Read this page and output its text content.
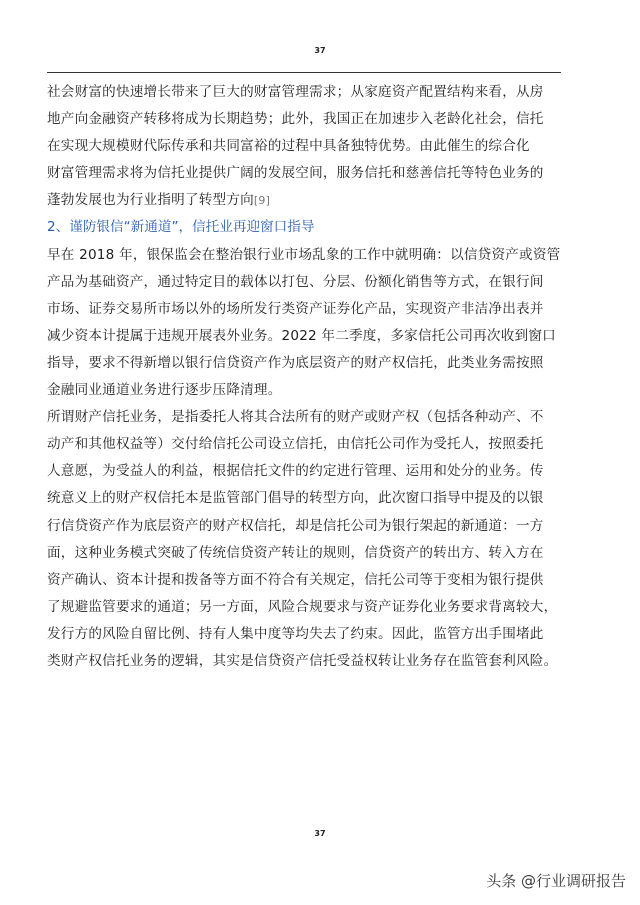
37

社会财富的快速增长带来了巨大的财富管理需求；从家庭资产配置结构来看，从房
地产向金融资产转移将成为长期趋势；此外，我国正在加速步入老龄化社会，信托
在实现大规模财代际传承和共同富裕的过程中具备独特优势。由此催生的综合化
财富管理需求将为信托业提供广阔的发展空间，服务信托和慈善信托等特色业务的
蓬勃发展也为行业指明了转型方向[9]

2、谨防银信“新通道”，信托业再迎窗口指导

早在 2018 年，银保监会在整治银行业市场乱象的工作中就明确：以信贷资产或资管
产品为基础资产，通过特定目的载体以打包、分层、份额化销售等方式，在银行间
市场、证券交易所市场以外的场所发行类资产证券化产品，实现资产非洁净出表并
减少资本计提属于违规开展表外业务。2022 年二季度，多家信托公司再次收到窗口
指导，要求不得新增以银行信贷资产作为底层资产的财产权信托，此类业务需按照
金融同业通道业务进行逐步压降清理。

所谓财产信托业务，是指委托人将其合法所有的财产或财产权（包括各种动产、不
动产和其他权益等）交付给信托公司设立信托，由信托公司作为受托人，按照委托
人意愿，为受益人的利益，根据信托文件的约定进行管理、运用和处分的业务。传
统意义上的财产权信托本是监管部门倡导的转型方向，此次窗口指导中提及的以银
行信贷资产作为底层资产的财产权信托，却是信托公司为银行架起的新通道：一方
面，这种业务模式突破了传统信贷资产转让的规则，信贷资产的转出方、转入方在
资产确认、资本计提和拨备等方面不符合有关规定，信托公司等于变相为银行提供
了规避监管要求的通道；另一方面，风险合规要求与资产证券化业务要求背离较大，
发行方的风险自留比例、持有人集中度等均失去了约束。因此，监管方出手围堵此
类财产权信托业务的逻辑，其实是信贷资产信托受益权转让业务存在监管套利风险。

37
头条 @行业调研报告
